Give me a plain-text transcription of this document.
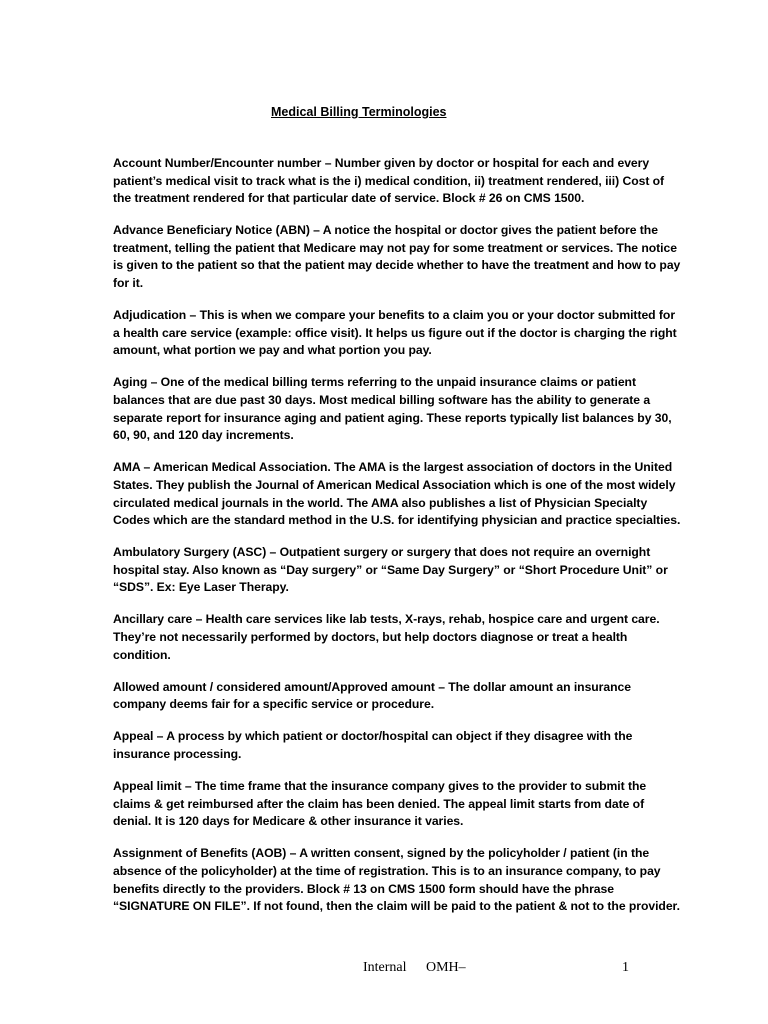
Medical Billing Terminologies

Account Number/Encounter number – Number given by doctor or hospital for each and every patient’s medical visit to track what is the i) medical condition, ii) treatment rendered, iii) Cost of the treatment rendered for that particular date of service. Block # 26 on CMS 1500.

Advance Beneficiary Notice (ABN) – A notice the hospital or doctor gives the patient before the treatment, telling the patient that Medicare may not pay for some treatment or services. The notice is given to the patient so that the patient may decide whether to have the treatment and how to pay for it.

Adjudication – This is when we compare your benefits to a claim you or your doctor submitted for a health care service (example: office visit). It helps us figure out if the doctor is charging the right amount, what portion we pay and what portion you pay.

Aging – One of the medical billing terms referring to the unpaid insurance claims or patient balances that are due past 30 days. Most medical billing software has the ability to generate a separate report for insurance aging and patient aging. These reports typically list balances by 30, 60, 90, and 120 day increments.

AMA – American Medical Association. The AMA is the largest association of doctors in the United States. They publish the Journal of American Medical Association which is one of the most widely circulated medical journals in the world. The AMA also publishes a list of Physician Specialty Codes which are the standard method in the U.S. for identifying physician and practice specialties.

Ambulatory Surgery (ASC) – Outpatient surgery or surgery that does not require an overnight hospital stay. Also known as “Day surgery” or “Same Day Surgery” or “Short Procedure Unit” or “SDS”. Ex: Eye Laser Therapy.

Ancillary care – Health care services like lab tests, X-rays, rehab, hospice care and urgent care. They’re not necessarily performed by doctors, but help doctors diagnose or treat a health condition.

Allowed amount / considered amount/Approved amount – The dollar amount an insurance company deems fair for a specific service or procedure.

Appeal – A process by which patient or doctor/hospital can object if they disagree with the insurance processing.

Appeal limit – The time frame that the insurance company gives to the provider to submit the claims & get reimbursed after the claim has been denied. The appeal limit starts from date of denial. It is 120 days for Medicare & other insurance it varies.

Assignment of Benefits (AOB) – A written consent, signed by the policyholder / patient (in the absence of the policyholder) at the time of registration. This is to an insurance company, to pay benefits directly to the providers. Block # 13 on CMS 1500 form should have the phrase “SIGNATURE ON FILE”. If not found, then the claim will be paid to the patient & not to the provider.

Internal OMH–	1
